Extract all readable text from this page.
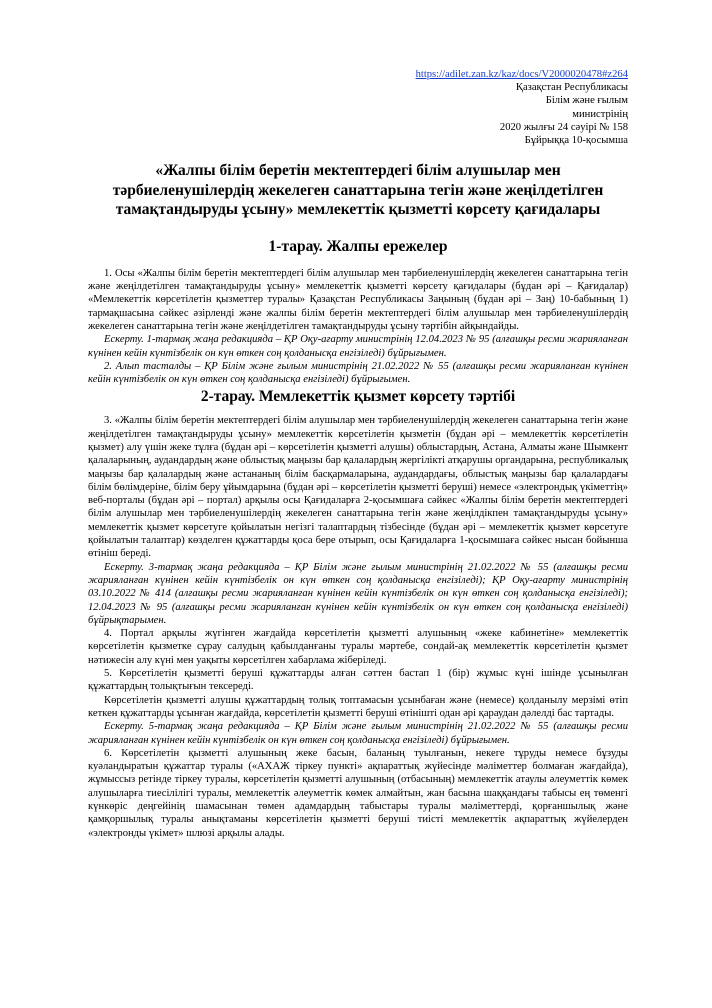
https://adilet.zan.kz/kaz/docs/V2000020478#z264
Қазақстан Республикасы
Білім және ғылым
министрінің
2020 жылғы 24 сәуірі № 158
Бұйрыққа 10-қосымша
«Жалпы білім беретін мектептердегі білім алушылар мен тәрбиеленушілердің жекелеген санаттарына тегін және жеңілдетілген тамақтандыруды ұсыну» мемлекеттік қызметті көрсету қағидалары
1-тарау. Жалпы ережелер

1. Осы «Жалпы білім беретін мектептердегі білім алушылар мен тәрбиеленушілердің жекелеген санаттарына тегін және жеңілдетілген тамақтандыруды ұсыну» мемлекеттік қызметті көрсету қағидалары (бұдан әрі – Қағидалар) «Мемлекеттік көрсетілетін қызметтер туралы» Қазақстан Республикасы Заңының (бұдан әрі – Заң) 10-бабының 1) тармақшасына сәйкес әзірленді және жалпы білім беретін мектептердегі білім алушылар мен тәрбиеленушілердің жекелеген санаттарына тегін және жеңілдетілген тамақтандыруды ұсыну тәртібін айқындайды.

Ескерту. 1-тармақ жаңа редакцияда – ҚР Оқу-ағарту министрінің 12.04.2023 № 95 (алғашқы ресми жарияланған күнінен кейін күнтізбелік он күн өткен соң қолданысқа енгізіледі) бұйрығымен.

2. Алып тасталды – ҚР Білім және ғылым министрінің 21.02.2022 № 55 (алғашқы ресми жарияланған күнінен кейін күнтізбелік он күн өткен соң қолданысқа енгізіледі) бұйрығымен.

2-тарау. Мемлекеттік қызмет көрсету тәртібі

3. «Жалпы білім беретін мектептердегі білім алушылар мен тәрбиеленушілердің жекелеген санаттарына тегін және жеңілдетілген тамақтандыруды ұсыну» мемлекеттік көрсетілетін қызметін (бұдан әрі – мемлекеттік көрсетілетін қызмет) алу үшін жеке тұлға (бұдан әрі – көрсетілетін қызметті алушы) облыстардың, Астана, Алматы және Шымкент қалаларының, аудандардың және облыстық маңызы бар қалалардың жергілікті атқарушы органдарына, республикалық маңызы бар қалалардың және астананың білім басқармаларына, аудандардағы, облыстық маңызы бар қалалардағы білім бөлімдеріне, білім беру ұйымдарына (бұдан әрі – көрсетілетін қызметті беруші) немесе «электрондық үкіметтің» веб-порталы (бұдан әрі – портал) арқылы осы Қағидаларға 2-қосымшаға сәйкес «Жалпы білім беретін мектептердегі білім алушылар мен тәрбиеленушілердің жекелеген санаттарына тегін және жеңілдікпен тамақтандыруды ұсыну» мемлекеттік қызмет көрсетуге қойылатын негізгі талаптардың тізбесінде (бұдан әрі – мемлекеттік қызмет көрсетуге қойылатын талаптар) көзделген құжаттарды қоса бере отырып, осы Қағидаларға 1-қосымшаға сәйкес нысан бойынша өтініш береді.

Ескерту. 3-тармақ жаңа редакцияда – ҚР Білім және ғылым министрінің 21.02.2022 № 55 (алғашқы ресми жарияланған күнінен кейін күнтізбелік он күн өткен соң қолданысқа енгізіледі); ҚР Оқу-ағарту министрінің 03.10.2022 № 414 (алғашқы ресми жарияланған күнінен кейін күнтізбелік он күн өткен соң қолданысқа енгізіледі); 12.04.2023 № 95 (алғашқы ресми жарияланған күнінен кейін күнтізбелік он күн өткен соң қолданысқа енгізіледі) бұйрықтарымен.

4. Портал арқылы жүгінген жағдайда көрсетілетін қызметті алушының «жеке кабинетіне» мемлекеттік көрсетілетін қызметке сұрау салудың қабылданғаны туралы мәртебе, сондай-ақ мемлекеттік көрсетілетін қызмет нәтижесін алу күні мен уақыты көрсетілген хабарлама жіберіледі.

5. Көрсетілетін қызметті беруші құжаттарды алған сәттен бастап 1 (бір) жұмыс күні ішінде ұсынылған құжаттардың толықтығын тексереді.

Көрсетілетін қызметті алушы құжаттардың толық топтамасын ұсынбаған және (немесе) қолданылу мерзімі өтіп кеткен құжаттарды ұсынған жағдайда, көрсетілетін қызметті беруші өтінішті одан әрі қараудан дәлелді бас тартады.

Ескерту. 5-тармақ жаңа редакцияда – ҚР Білім және ғылым министрінің 21.02.2022 № 55 (алғашқы ресми жарияланған күнінен кейін күнтізбелік он күн өткен соң қолданысқа енгізіледі) бұйрығымен.

6. Көрсетілетін қызметті алушының жеке басын, баланың туылғанын, некеге тұруды немесе бұзуды куәландыратын құжаттар туралы («АХАЖ тіркеу пункті» ақпараттық жүйесінде мәліметтер болмаған жағдайда), жұмыссыз ретінде тіркеу туралы, көрсетілетін қызметті алушының (отбасының) мемлекеттік атаулы әлеуметтік көмек алушыларға тиесілілігі туралы, мемлекеттік әлеуметтік көмек алмайтын, жан басына шаққандағы табысы ең төменгі күнкөріс деңгейінің шамасынан төмен адамдардың табыстары туралы мәліметтерді, қорғаншылық және қамқоршылық туралы анықтаманы көрсетілетін қызметті беруші тиісті мемлекеттік ақпараттық жүйелерден «электронды үкімет» шлюзі арқылы алады.
